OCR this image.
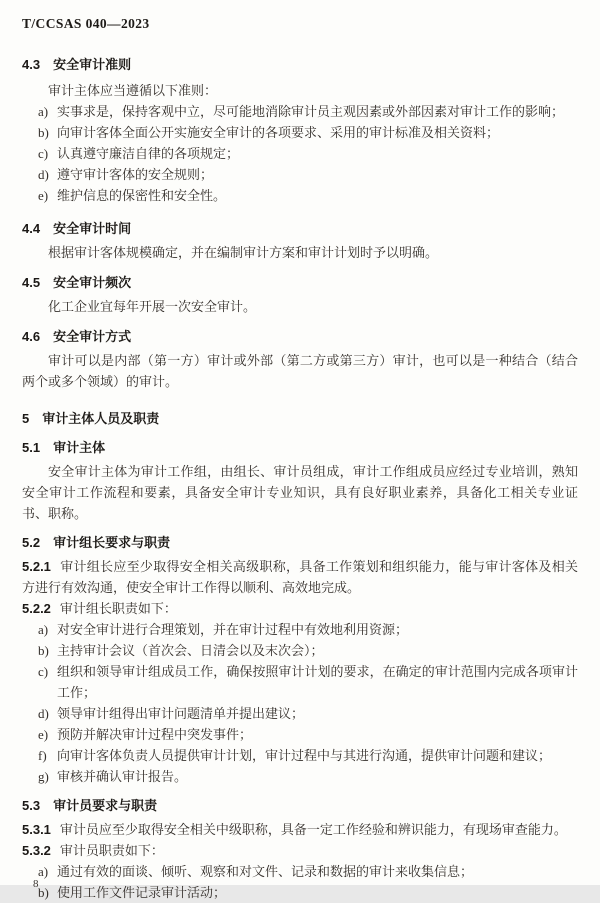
T/CCSAS 040—2023
4.3 安全审计准则

审计主体应当遵循以下准则：

a) 实事求是，保持客观中立，尽可能地消除审计员主观因素或外部因素对审计工作的影响；
b) 向审计客体全面公开实施安全审计的各项要求、采用的审计标准及相关资料；
c) 认真遵守廉洁自律的各项规定；
d) 遵守审计客体的安全规则；
e) 维护信息的保密性和安全性。
4.4 安全审计时间

根据审计客体规模确定，并在编制审计方案和审计计划时予以明确。

4.5 安全审计频次

化工企业宜每年开展一次安全审计。

4.6 安全审计方式

审计可以是内部（第一方）审计或外部（第二方或第三方）审计，也可以是一种结合（结合两个或多个领域）的审计。

5 审计主体人员及职责
5.1 审计主体

安全审计主体为审计工作组，由组长、审计员组成，审计工作组成员应经过专业培训，熟知安全审计工作流程和要素，具备安全审计专业知识，具有良好职业素养，具备化工相关专业证书、职称。

5.2 审计组长要求与职责

5.2.1 审计组长应至少取得安全相关高级职称，具备工作策划和组织能力，能与审计客体及相关方进行有效沟通，使安全审计工作得以顺利、高效地完成。

5.2.2 审计组长职责如下：

a) 对安全审计进行合理策划，并在审计过程中有效地利用资源；
b) 主持审计会议（首次会、日清会以及末次会）；
c) 组织和领导审计组成员工作，确保按照审计计划的要求，在确定的审计范围内完成各项审计工作；
d) 领导审计组得出审计问题清单并提出建议；
e) 预防并解决审计过程中突发事件；
f) 向审计客体负责人员提供审计计划，审计过程中与其进行沟通，提供审计问题和建议；
g) 审核并确认审计报告。
5.3 审计员要求与职责

5.3.1 审计员应至少取得安全相关中级职称，具备一定工作经验和辨识能力，有现场审查能力。

5.3.2 审计员职责如下：

a) 通过有效的面谈、倾听、观察和对文件、记录和数据的审计来收集信息；
b) 使用工作文件记录审计活动；
8
